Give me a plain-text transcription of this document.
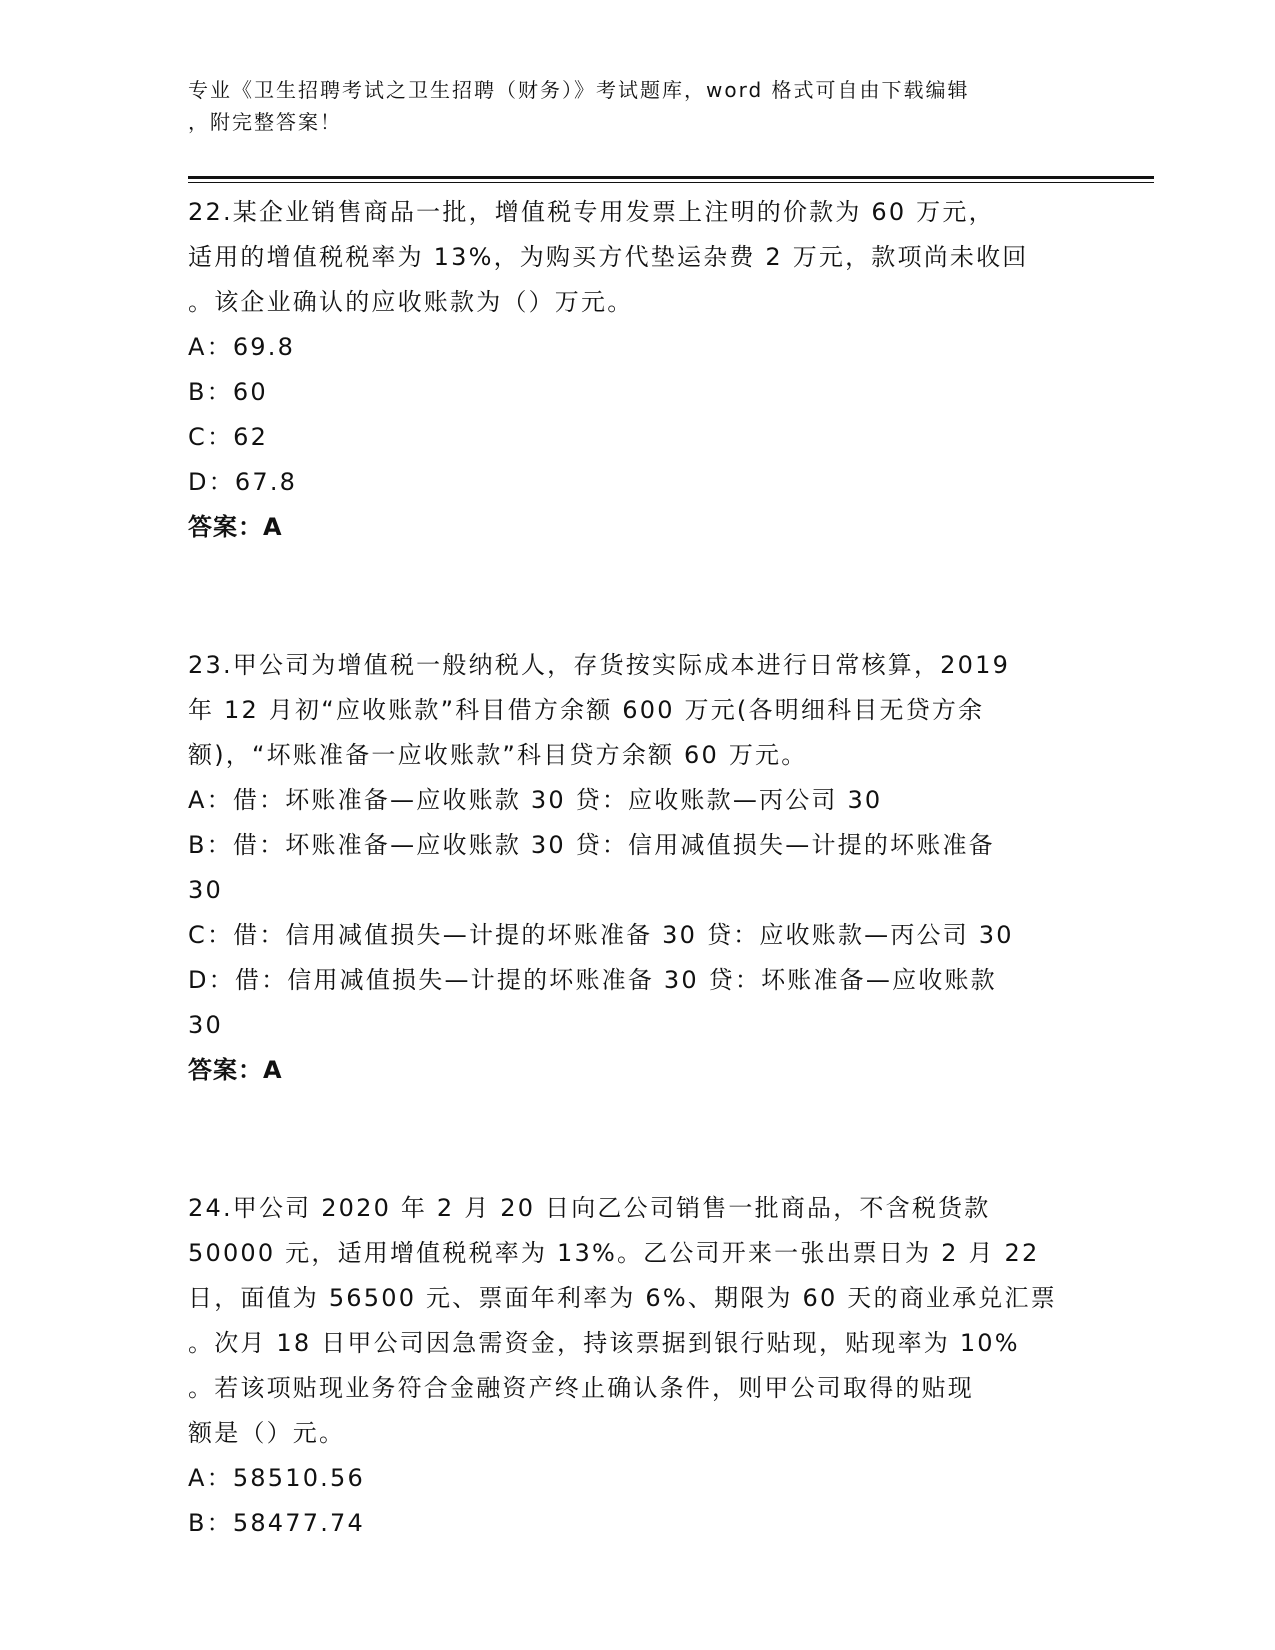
专业《卫生招聘考试之卫生招聘（财务）》考试题库，word 格式可自由下载编辑
，附完整答案！
22.某企业销售商品一批，增值税专用发票上注明的价款为 60 万元，
适用的增值税税率为 13%，为购买方代垫运杂费 2 万元，款项尚未收回
。该企业确认的应收账款为（）万元。
A：69.8
B：60
C：62
D：67.8
答案：A
23.甲公司为增值税一般纳税人，存货按实际成本进行日常核算，2019
年 12 月初“应收账款”科目借方余额 600 万元(各明细科目无贷方余
额)，“坏账准备一应收账款”科目贷方余额 60 万元。
A：借：坏账准备—应收账款 30 贷：应收账款—丙公司 30
B：借：坏账准备—应收账款 30 贷：信用减值损失—计提的坏账准备
30
C：借：信用减值损失—计提的坏账准备 30 贷：应收账款—丙公司 30
D：借：信用减值损失—计提的坏账准备 30 贷：坏账准备—应收账款
30
答案：A
24.甲公司 2020 年 2 月 20 日向乙公司销售一批商品，不含税货款
50000 元，适用增值税税率为 13%。乙公司开来一张出票日为 2 月 22
日，面值为 56500 元、票面年利率为 6%、期限为 60 天的商业承兑汇票
。次月 18 日甲公司因急需资金，持该票据到银行贴现，贴现率为 10%
。若该项贴现业务符合金融资产终止确认条件，则甲公司取得的贴现
额是（）元。
A：58510.56
B：58477.74
